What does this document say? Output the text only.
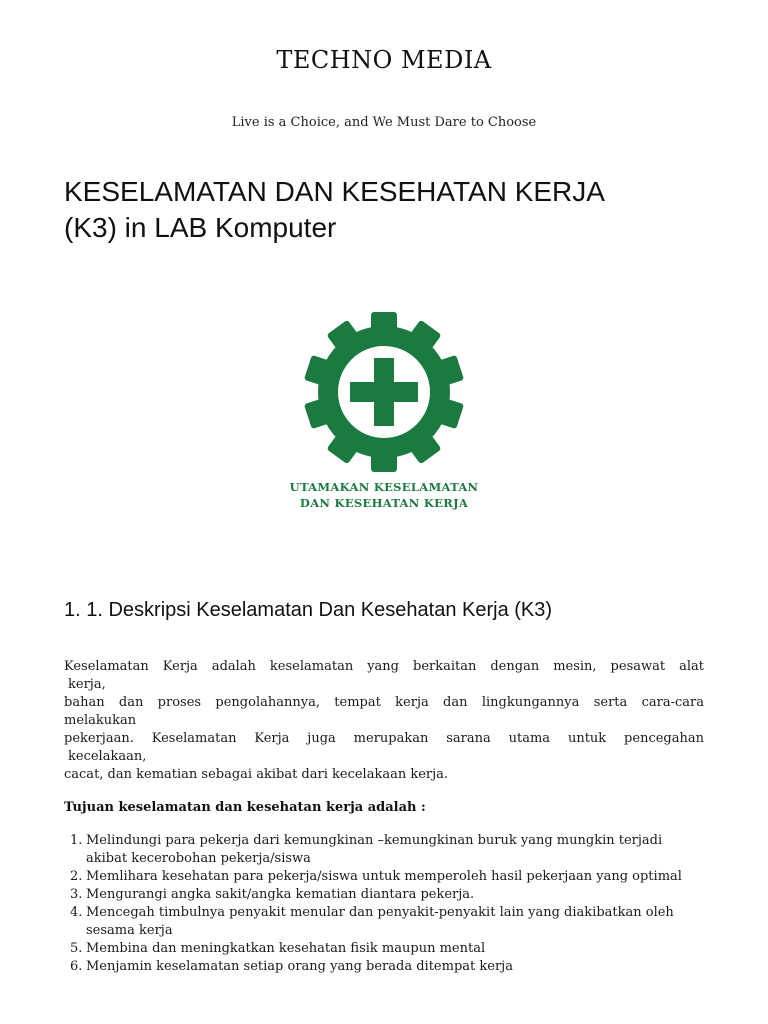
TECHNO MEDIA
Live is a Choice, and We Must Dare to Choose
KESELAMATAN DAN KESEHATAN KERJA
(K3) in LAB Komputer
UTAMAKAN KESELAMATAN
DAN KESEHATAN KERJA
1. 1. Deskripsi Keselamatan Dan Kesehatan Kerja (K3)
Keselamatan Kerja adalah keselamatan yang berkaitan dengan mesin, pesawat alat
kerja,
bahan dan proses pengolahannya, tempat kerja dan lingkungannya serta cara-cara
melakukan
pekerjaan. Keselamatan Kerja juga merupakan sarana utama untuk pencegahan
kecelakaan,
cacat, dan kematian sebagai akibat dari kecelakaan kerja.
Tujuan keselamatan dan kesehatan kerja adalah :
1. Melindungi para pekerja dari kemungkinan –kemungkinan buruk yang mungkin terjadi akibat kecerobohan pekerja/siswa
2. Memlihara kesehatan para pekerja/siswa untuk memperoleh hasil pekerjaan yang optimal
3. Mengurangi angka sakit/angka kematian diantara pekerja.
4. Mencegah timbulnya penyakit menular dan penyakit-penyakit lain yang diakibatkan oleh sesama kerja
5. Membina dan meningkatkan kesehatan fisik maupun mental
6. Menjamin keselamatan setiap orang yang berada ditempat kerja
